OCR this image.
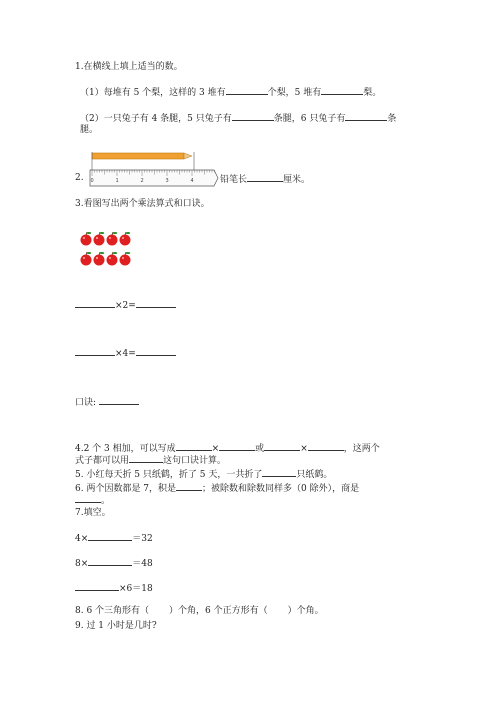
1.在横线上填上适当的数。
（1）每堆有 5 个梨，这样的 3 堆有	个梨，5 堆有	梨。
（2）一只兔子有 4 条腿，5 只兔子有	条腿，6 只兔子有	条
腿。
2. 0	1	2	3	4	铅笔长	厘米。
3.看图写出两个乘法算式和口诀。
×2=
×4=
口诀:
4.2 个 3 相加，可以写成	×	或	×	，这两个
式子都可以用	这句口诀计算。
5. 小红每天折 5 只纸鹤，折了 5 天，一共折了	只纸鹤。
6. 两个因数都是 7，积是	；被除数和除数同样多（0 除外），商是
。
7.填空。
4×	＝32
8×	＝48
×6＝18
8. 6 个三角形有（ ）个角，6 个正方形有（ ）个角。
9. 过 1 小时是几时?
